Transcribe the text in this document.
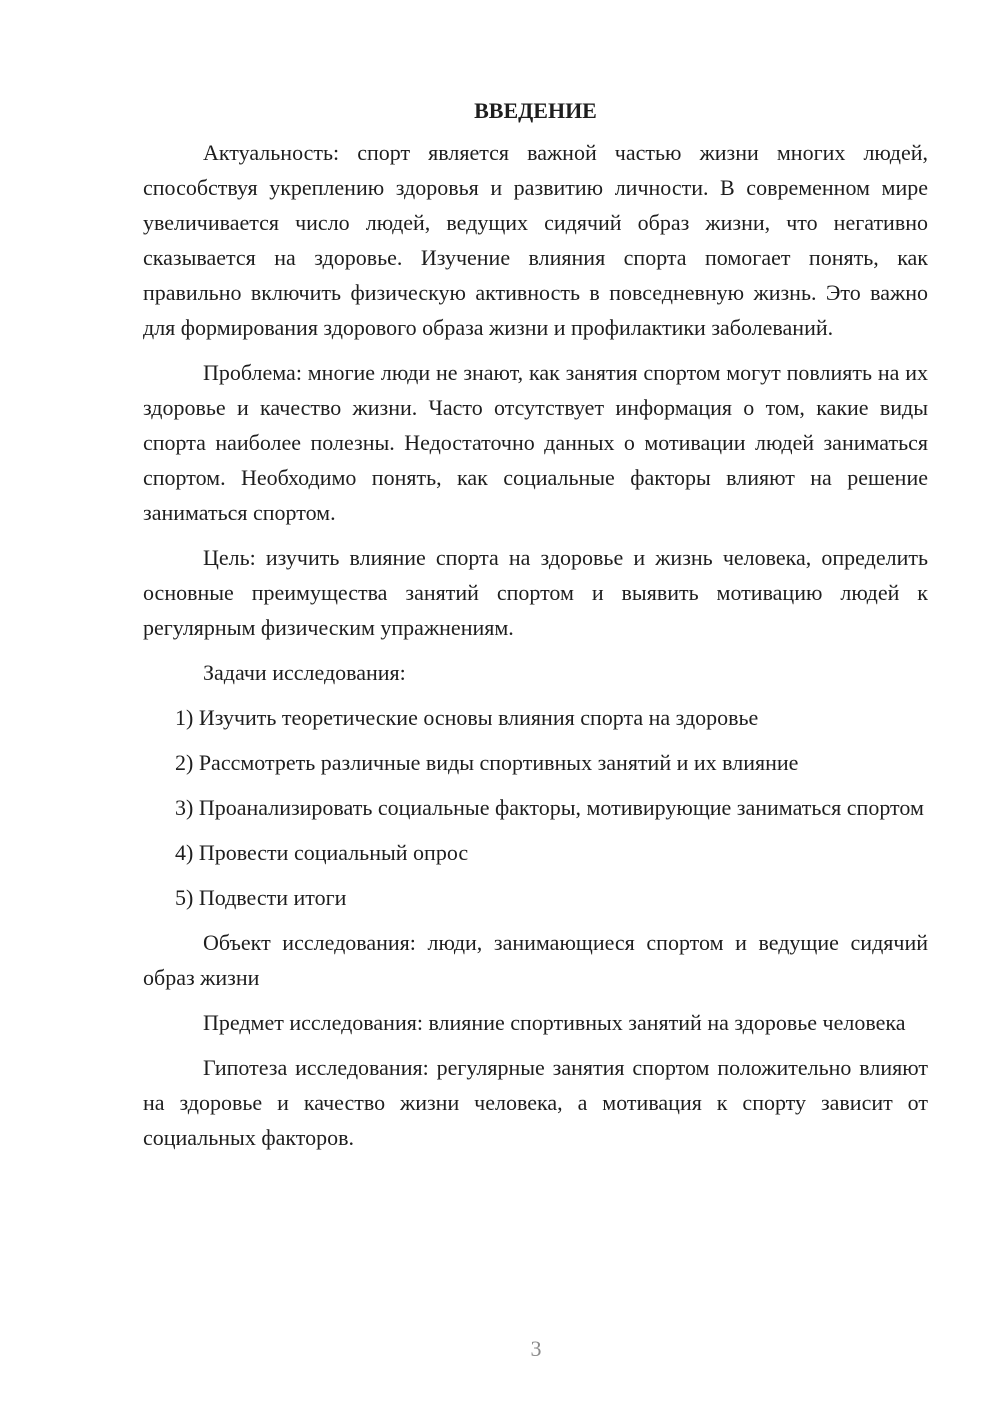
ВВЕДЕНИЕ

Актуальность: спорт является важной частью жизни многих людей, способствуя укреплению здоровья и развитию личности. В современном мире увеличивается число людей, ведущих сидячий образ жизни, что негативно сказывается на здоровье. Изучение влияния спорта помогает понять, как правильно включить физическую активность в повседневную жизнь. Это важно для формирования здорового образа жизни и профилактики заболеваний.

Проблема: многие люди не знают, как занятия спортом могут повлиять на их здоровье и качество жизни. Часто отсутствует информация о том, какие виды спорта наиболее полезны. Недостаточно данных о мотивации людей заниматься спортом. Необходимо понять, как социальные факторы влияют на решение заниматься спортом.

Цель: изучить влияние спорта на здоровье и жизнь человека, определить основные преимущества занятий спортом и выявить мотивацию людей к регулярным физическим упражнениям.

Задачи исследования:

1) Изучить теоретические основы влияния спорта на здоровье

2) Рассмотреть различные виды спортивных занятий и их влияние

3) Проанализировать социальные факторы, мотивирующие заниматься спортом

4) Провести социальный опрос

5) Подвести итоги

Объект исследования: люди, занимающиеся спортом и ведущие сидячий образ жизни

Предмет исследования: влияние спортивных занятий на здоровье человека

Гипотеза исследования: регулярные занятия спортом положительно влияют на здоровье и качество жизни человека, а мотивация к спорту зависит от социальных факторов.

3
